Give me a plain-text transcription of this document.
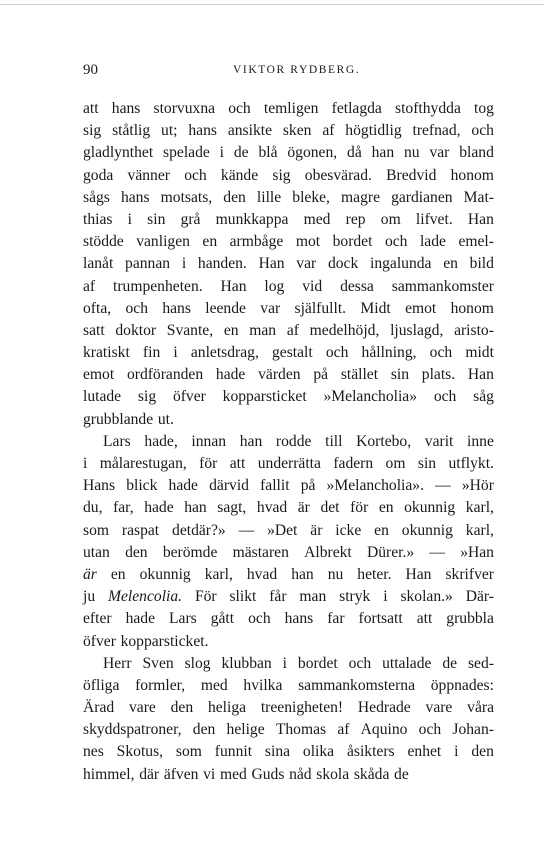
90	VIKTOR RYDBERG.
att hans storvuxna och temligen fetlagda stofthydda tog
sig ståtlig ut; hans ansikte sken af högtidlig trefnad, och
gladlynthet spelade i de blå ögonen, då han nu var bland
goda vänner och kände sig obesvärad. Bredvid honom
sågs hans motsats, den lille bleke, magre gardianen Mat-
thias i sin grå munkkappa med rep om lifvet. Han
stödde vanligen en armbåge mot bordet och lade emel-
lanåt pannan i handen. Han var dock ingalunda en bild
af trumpenheten. Han log vid dessa sammankomster
ofta, och hans leende var själfullt. Midt emot honom
satt doktor Svante, en man af medelhöjd, ljuslagd, aristo-
kratiskt fin i anletsdrag, gestalt och hållning, och midt
emot ordföranden hade värden på stället sin plats. Han
lutade sig öfver kopparsticket »Melancholia» och såg
grubblande ut.
Lars hade, innan han rodde till Kortebo, varit inne
i målarestugan, för att underrätta fadern om sin utflykt.
Hans blick hade därvid fallit på »Melancholia». — »Hör
du, far, hade han sagt, hvad är det för en okunnig karl,
som raspat detdär?» — »Det är icke en okunnig karl,
utan den berömde mästaren Albrekt Dürer.» — »Han
är en okunnig karl, hvad han nu heter. Han skrifver
ju Melencolia. För slikt får man stryk i skolan.» Där-
efter hade Lars gått och hans far fortsatt att grubbla
öfver kopparsticket.
Herr Sven slog klubban i bordet och uttalade de sed-
öfliga formler, med hvilka sammankomsterna öppnades:
Ärad vare den heliga treenigheten! Hedrade vare våra
skyddspatroner, den helige Thomas af Aquino och Johan-
nes Skotus, som funnit sina olika åsikters enhet i den
himmel, där äfven vi med Guds nåd skola skåda de
